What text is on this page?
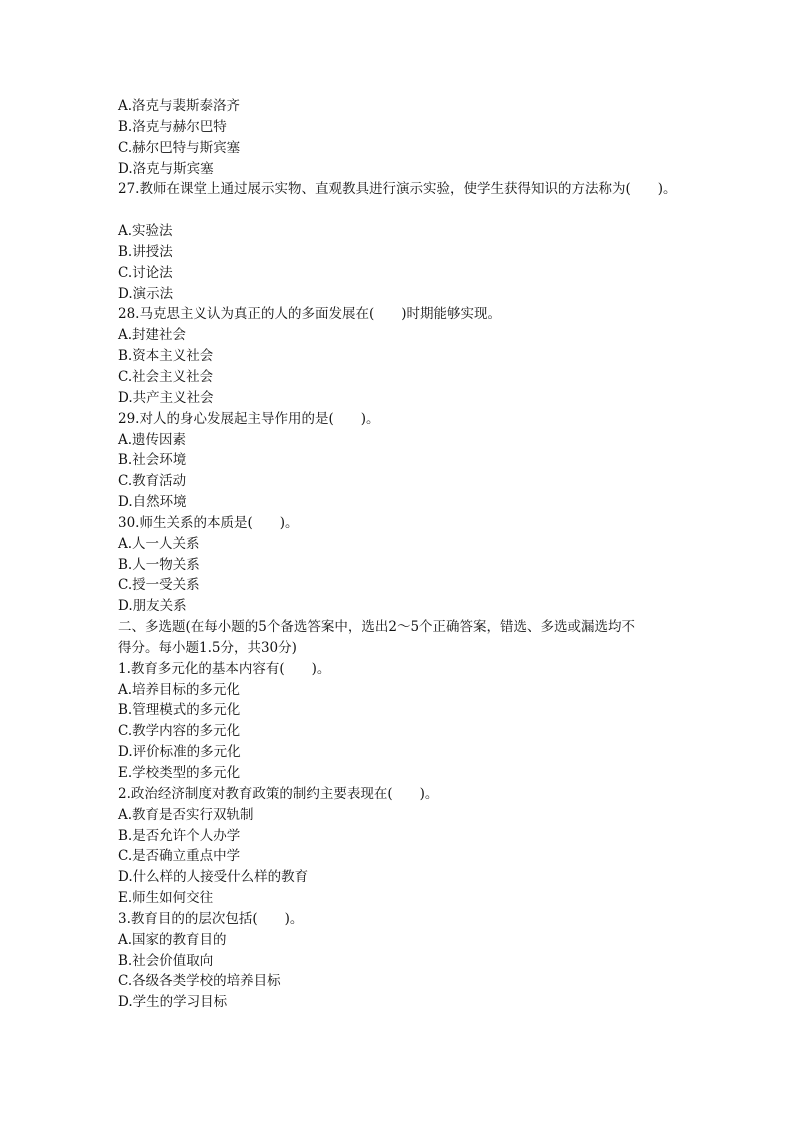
A.洛克与裴斯泰洛齐
B.洛克与赫尔巴特
C.赫尔巴特与斯宾塞
D.洛克与斯宾塞
27.教师在课堂上通过展示实物、直观教具进行演示实验，使学生获得知识的方法称为(　　)。
A.实验法
B.讲授法
C.讨论法
D.演示法
28.马克思主义认为真正的人的多面发展在(　　)时期能够实现。
A.封建社会
B.资本主义社会
C.社会主义社会
D.共产主义社会
29.对人的身心发展起主导作用的是(　　)。
A.遗传因素
B.社会环境
C.教育活动
D.自然环境
30.师生关系的本质是(　　)。
A.人一人关系
B.人一物关系
C.授一受关系
D.朋友关系
二、多选题(在每小题的5个备选答案中，选出2～5个正确答案，错选、多选或漏选均不
得分。每小题1.5分，共30分)
1.教育多元化的基本内容有(　　)。
A.培养目标的多元化
B.管理模式的多元化
C.教学内容的多元化
D.评价标准的多元化
E.学校类型的多元化
2.政治经济制度对教育政策的制约主要表现在(　　)。
A.教育是否实行双轨制
B.是否允许个人办学
C.是否确立重点中学
D.什么样的人接受什么样的教育
E.师生如何交往
3.教育目的的层次包括(　　)。
A.国家的教育目的
B.社会价值取向
C.各级各类学校的培养目标
D.学生的学习目标
